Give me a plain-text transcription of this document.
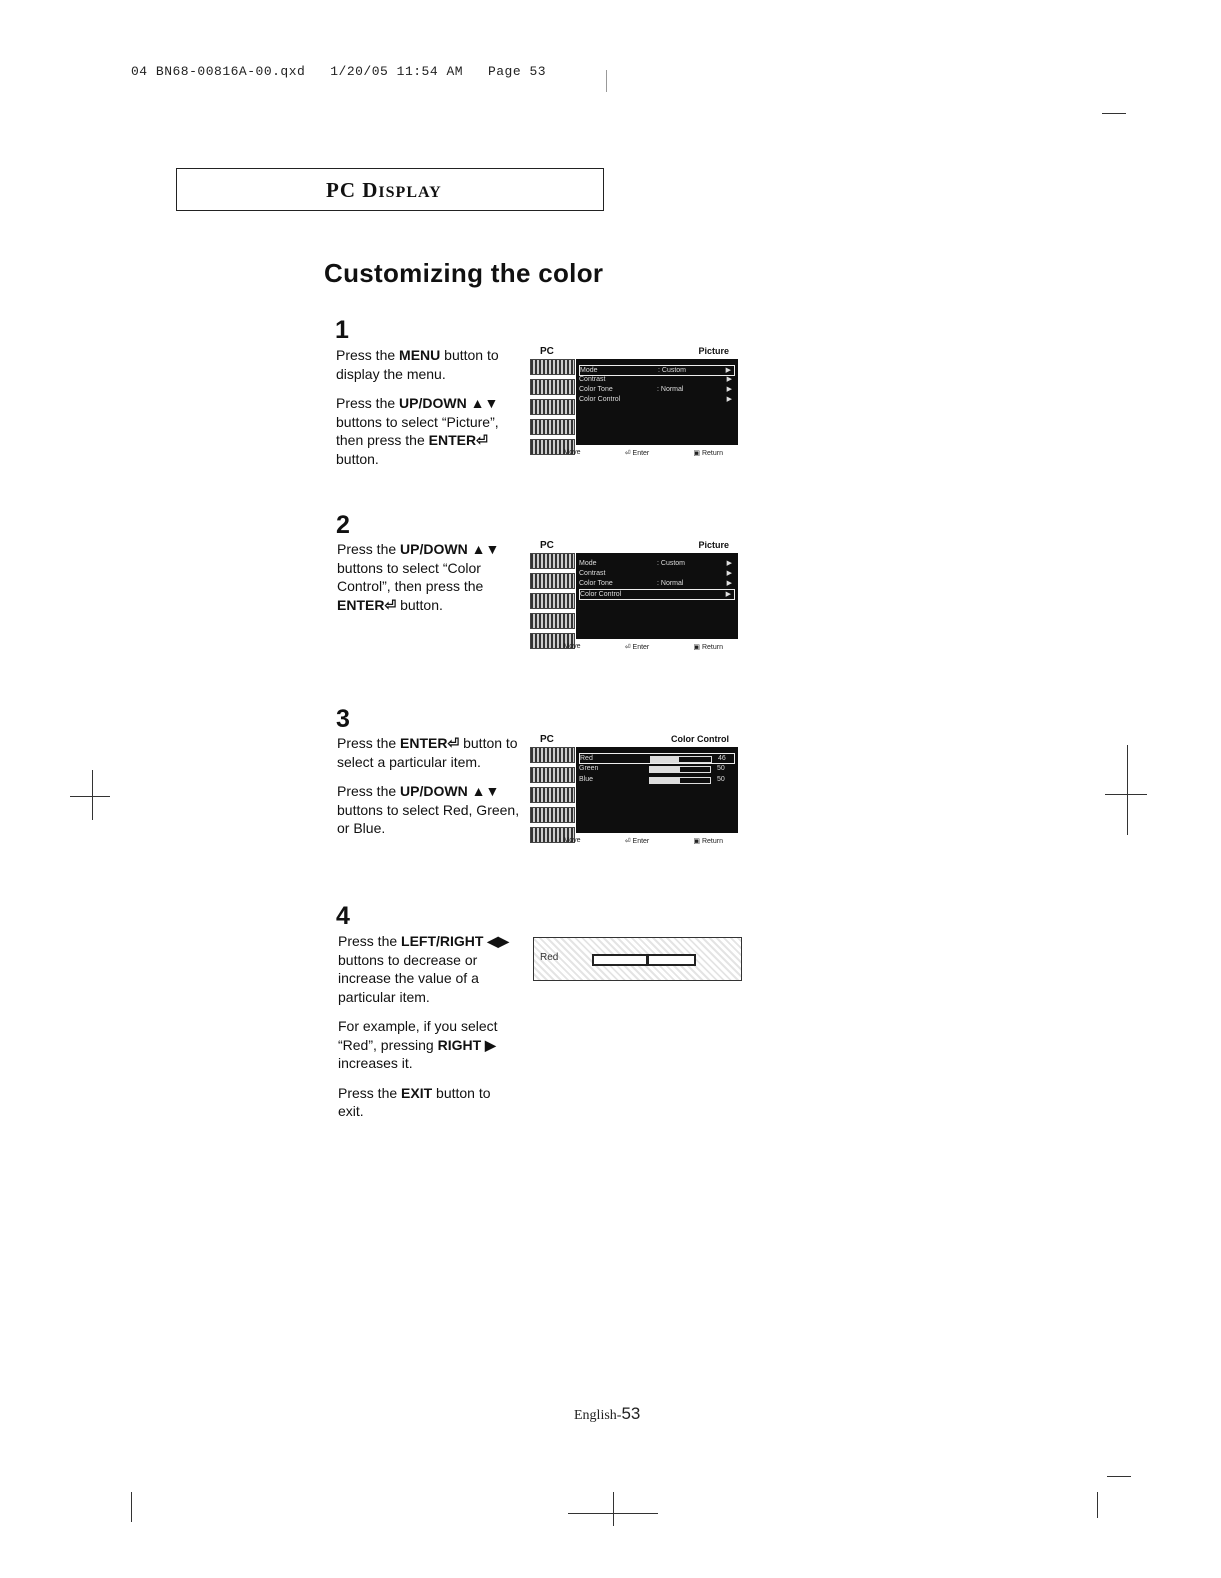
04 BN68-00816A-00.qxd   1/20/05 11:54 AM   Page 53
PC DISPLAY
Customizing the color
1

Press the MENU button to display the menu.

Press the UP/DOWN ▲▼ buttons to select “Picture”, then press the ENTER⏎ button.

PC	Picture
Mode	: Custom	▶
Contrast	▶
Color Tone	: Normal	▶
Color Control	▶
↕ Move	⏎ Enter	▣ Return
2

Press the UP/DOWN ▲▼ buttons to select “Color Control”, then press the ENTER⏎ button.

PC	Picture
Mode	: Custom	▶
Contrast	▶
Color Tone	: Normal	▶
Color Control	▶
↕ Move	⏎ Enter	▣ Return
3

Press the ENTER⏎ button to select a particular item.

Press the UP/DOWN ▲▼ buttons to select Red, Green, or Blue.

PC	Color Control
Red	46
Green	50
Blue	50
↕ Move	⏎ Enter	▣ Return
4

Press the LEFT/RIGHT ◀▶ buttons to decrease or increase the value of a particular item.

For example, if you select “Red”, pressing RIGHT ▶ increases it.

Press the EXIT button to exit.

Red
English-53
